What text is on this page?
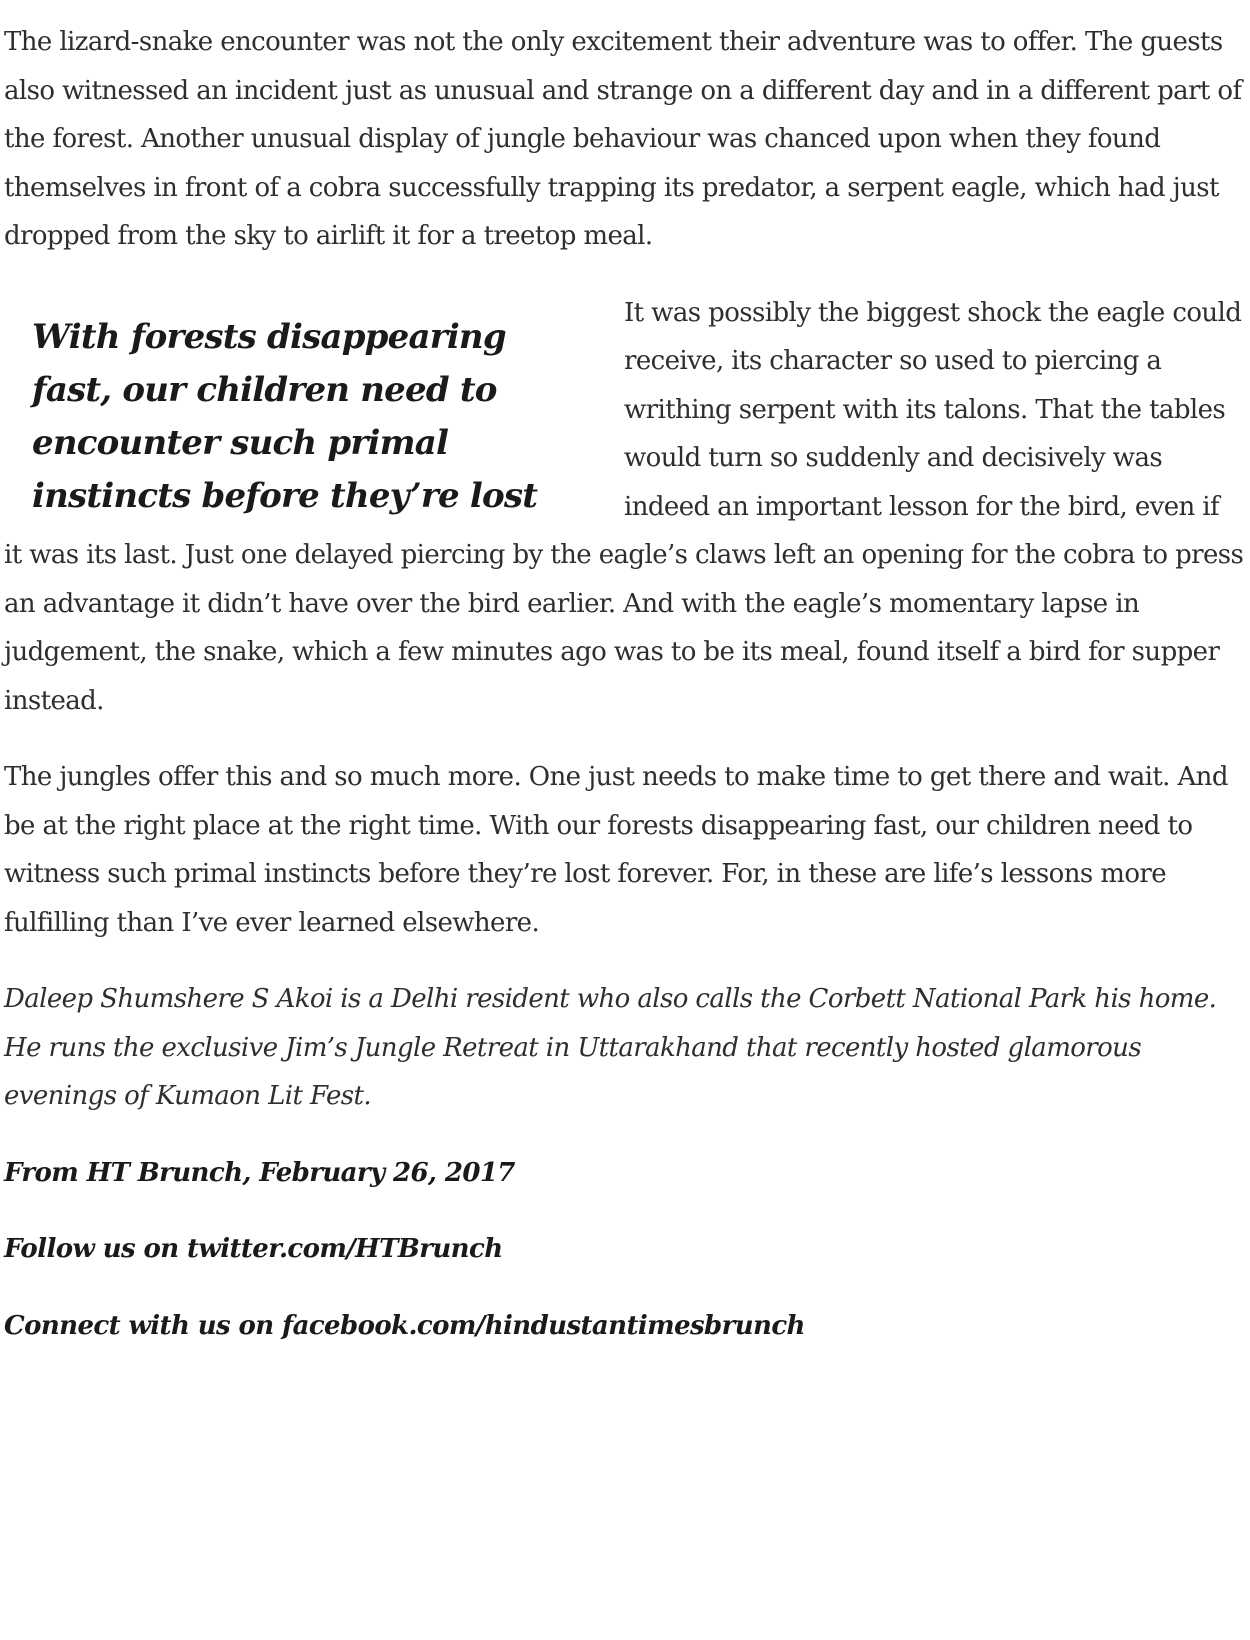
The lizard-snake encounter was not the only excitement their adventure was to offer. The guests also witnessed an incident just as unusual and strange on a different day and in a different part of the forest. Another unusual display of jungle behaviour was chanced upon when they found themselves in front of a cobra successfully trapping its predator, a serpent eagle, which had just dropped from the sky to airlift it for a treetop meal.

With forests disappearing fast, our children need to encounter such primal instincts before they’re lost

It was possibly the biggest shock the eagle could receive, its character so used to piercing a writhing serpent with its talons. That the tables would turn so suddenly and decisively was indeed an important lesson for the bird, even if it was its last. Just one delayed piercing by the eagle’s claws left an opening for the cobra to press an advantage it didn’t have over the bird earlier. And with the eagle’s momentary lapse in judgement, the snake, which a few minutes ago was to be its meal, found itself a bird for supper instead.

The jungles offer this and so much more. One just needs to make time to get there and wait. And be at the right place at the right time. With our forests disappearing fast, our children need to witness such primal instincts before they’re lost forever. For, in these are life’s lessons more fulfilling than I’ve ever learned elsewhere.

Daleep Shumshere S Akoi is a Delhi resident who also calls the Corbett National Park his home. He runs the exclusive Jim’s Jungle Retreat in Uttarakhand that recently hosted glamorous evenings of Kumaon Lit Fest.

From HT Brunch, February 26, 2017

Follow us on twitter.com/HTBrunch

Connect with us on facebook.com/hindustantimesbrunch
